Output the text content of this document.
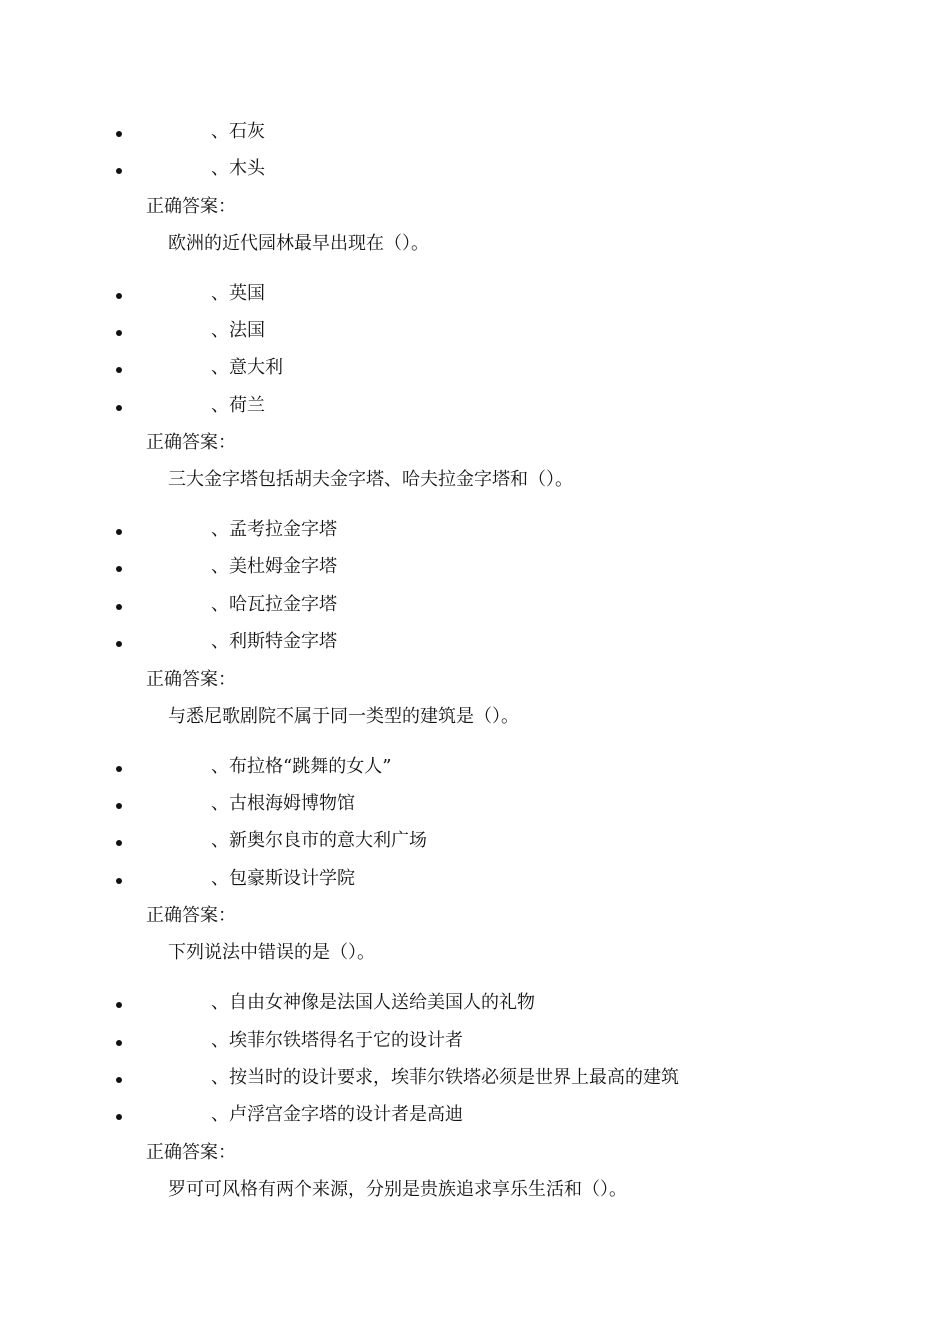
、石灰
、木头
正确答案：
欧洲的近代园林最早出现在（）。
、英国
、法国
、意大利
、荷兰
正确答案：
三大金字塔包括胡夫金字塔、哈夫拉金字塔和（）。
、孟考拉金字塔
、美杜姆金字塔
、哈瓦拉金字塔
、利斯特金字塔
正确答案：
与悉尼歌剧院不属于同一类型的建筑是（）。
、布拉格“跳舞的女人”
、古根海姆博物馆
、新奥尔良市的意大利广场
、包豪斯设计学院
正确答案：
下列说法中错误的是（）。
、自由女神像是法国人送给美国人的礼物
、埃菲尔铁塔得名于它的设计者
、按当时的设计要求，埃菲尔铁塔必须是世界上最高的建筑
、卢浮宫金字塔的设计者是高迪
正确答案：
罗可可风格有两个来源，分别是贵族追求享乐生活和（）。
